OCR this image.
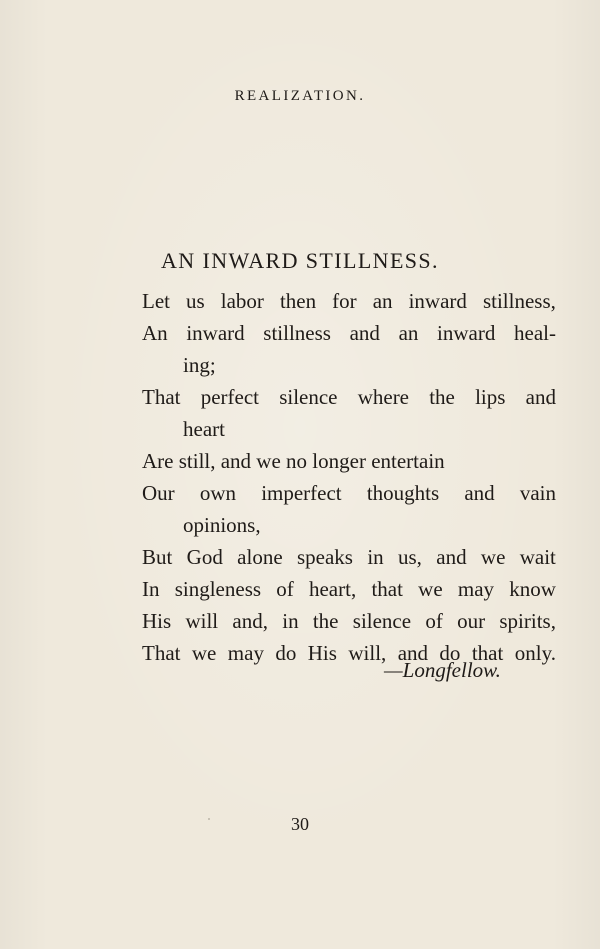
REALIZATION.
AN INWARD STILLNESS.
Let us labor then for an inward stillness,
An inward stillness and an inward heal-
ing;
That perfect silence where the lips and
heart
Are still, and we no longer entertain
Our own imperfect thoughts and vain
opinions,
But God alone speaks in us, and we wait
In singleness of heart, that we may know
His will and, in the silence of our spirits,
That we may do His will, and do that only.
—Longfellow.
30
